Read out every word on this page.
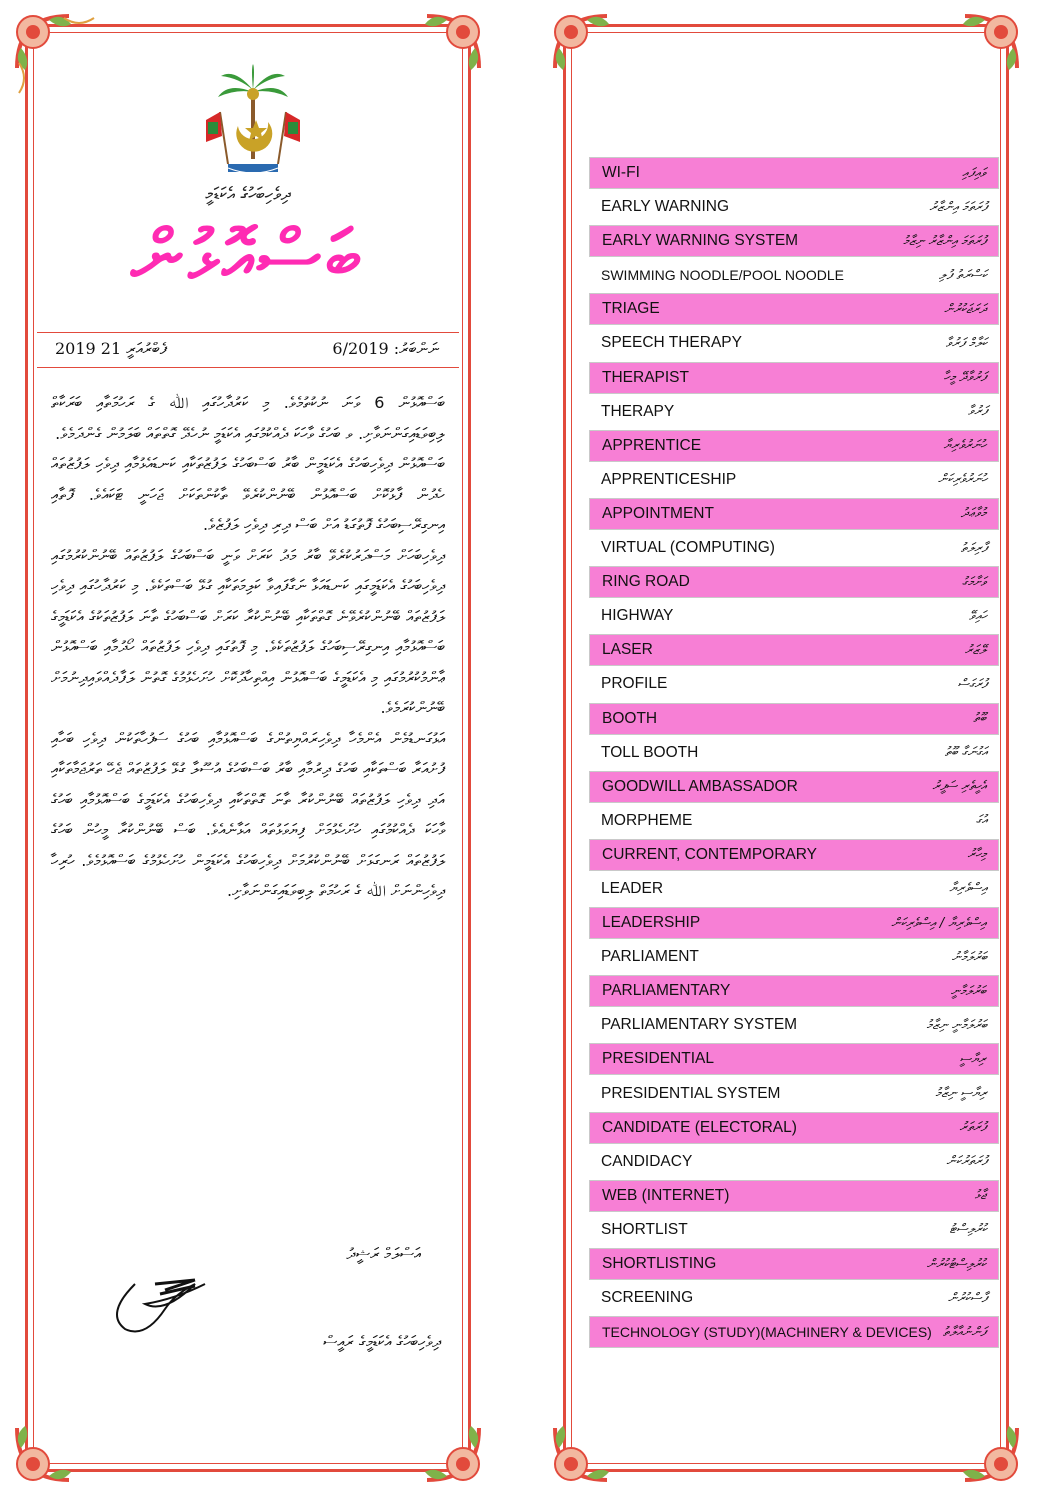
ދިވެހިބަހުގެ އެކަޑަމީ
ބަސްއޮޅުން
2019 21 ފެބްރުއަރީ	ނަންބަރު: 6/2019

ބަސްއޮޅުން 6 ވަނަ ނުކުތުމެވެ. މި ކަރުދާހުގައި ﷲ ގެ ރަހުމަތާއި ބަރަކާތް ލިބިވަޑައިގަންނަވާށި. ވ ބަހުގެ ވާހަކަ ދެއްކުމުގައި އެކަޑަމީ ނުހެދޭ ގޮތްތައް ބަލަމުން ގެންދަމެވެ.

ބަސްއޮޅުން ދިވެހިބަހުގެ އެކަޑަމީން ބާރު ބަސްބަހުގެ ލަފުޒުތަކާއި ކަނޑައެޅުމާއި ދިވެހި ލަފުޒުތައް ހެދުން ފާޅުކޮށް ބަސްއޮޅުން ބޭނުންކުރެވޭ ތާކުންތަކަށް ޖަހަނީ ޓަކައެވެ. ފޮތާއި އިނގިރޭސިބަހުގެ ފޮތުގަޑު އަށް ބަސް ދިރި ދިވެހި ލަފުޒެވެ.

ދިވެހިބަހަށް މަސްދަރުކުރެވޭ ބާރު މަދު ކަރަށް ވަނީ ބަސްބަހުގެ ލަފުޒުތައް ބޭނުންކުރުމުގައި ދިވެހިބަހުގެ އެކަޑަމީގައި ކަނޑައަޅާ ނަގާފައިވާ ކަލިމަތަކާއި ގުޅޭ ބަސްތަކެވެ. މި ކަރުދާހުގައި ދިވެހި ލަފުޒުތައް ބޭނުންކުރެވޭނެ ގޮތްތަކާއި ބޭނުންކުރާ ކަރަށް ބަސްބަހުގެ ތާނަ ލަފުޒުތަކުގެ އެކަޑަމީގެ ބަސްއޮޅުމާއި އިނގިރޭސިބަހުގެ ލަފުޒުތަކެވެ. މި ފޮތުގައި ދިވެހި ލަފުޒުތައް ހޯދުމާއި ބަސްއޮޅުން ޢާންމުކުރުމުގައި މި އެކަޑަމީގެ ބަސްއޮޅުން އިއްތިހާދުކޮށް ހުށަހެޅުމުގެ ގޮތުން ލަފާދެއްވައިދިނުމަށް ބޭނުންކުރަމެވެ.

އަޅުގަނޑުމެން އެންމެހާ ދިވެހިރައްޔިތުންގެ ބަސްއޮޅުމާއި ބަހުގެ ސަފުހާތަކުން ދިވެހި ބަހާއި ފުށުއަރާ ބަސްތަކާއި ބަހުގެ ދިރުމާއި ބާރު ބަސްބަހުގެ އުސޫލާ ގުޅޭ ލަފުޒުތައް ޖެހޭ ތަރުޖަމާތަކާއި އަދި ދިވެހި ލަފުޒުތައް ބޭނުންކުރާ ތާނަ ގޮތްތަކާއި ދިވެހިބަހުގެ އެކަޑަމީގެ ބަސްއޮޅުމާއި ބަހުގެ ވާހަކަ ދެއްކުމުގައި ހުށަހެޅުމަށް ފިޔަވަޅުތައް އަޅާނެއެވެ. ބަސް ބޭނުންކުރާ މީހުން ބަހުގެ ލަފުޒުތައް ރަނގަޅަށް ބޭނުންކުރުމަށް ދިވެހިބަހުގެ އެކަޑަމީން ހުށަހެޅުމުގެ ބަސްއޮޅުމެވެ. ހުރިހާ ދިވެހިންނަށް ﷲ ގެ ރަހުމަތް ލިބިވަޑައިގަންނަވާށި.

އަސްލަމް ރަޝީދު
ދިވެހިބަހުގެ އެކަޑަމީގެ ރައީސް
WI-FI	ވައިފައި
EARLY WARNING	ފުރަތަމަ އިންޒާރު
EARLY WARNING SYSTEM	ފުރަތަމަ އިންޒާރު ނިޒާމު
SWIMMING NOODLE/POOL NOODLE	ކަސްރަތު ފުލި
TRIAGE	ދަރަޖަކުރުން
SPEECH THERAPY	ކަލާމް ފަރުވާ
THERAPIST	ފަރުވާދޭ މީހާ
THERAPY	ފަރުވާ
APPRENTICE	ހުނަރުވެރިޔާ
APPRENTICESHIP	ހުނަރުވެރިކަން
APPOINTMENT	މުވާޢަދު
VIRTUAL (COMPUTING)	ފާރިލަތު
RING ROAD	ވަށާމަގު
HIGHWAY	ހައިވޭ
LASER	ލޭޒަރު
PROFILE	ފުރަގަސް
BOOTH	ބޫތު
TOLL BOOTH	އަގުނަގާ ބޫތު
GOODWILL AMBASSADOR	އެހީތެރި ސަފީރު
MORPHEME	އުގަ
CURRENT, CONTEMPORARY	މިހާރު
LEADER	އިސްވެރިޔާ
LEADERSHIP	އިސްވެރިޔާ / އިސްވެރިކަން
PARLIAMENT	ބަރުލަމާނު
PARLIAMENTARY	ބަރުލަމާނީ
PARLIAMENTARY SYSTEM	ބަރުލަމާނީ ނިޒާމު
PRESIDENTIAL	ރިޔާސީ
PRESIDENTIAL SYSTEM	ރިޔާސީ ނިޒާމު
CANDIDATE (ELECTORAL)	ފުރަތަރު
CANDIDACY	ފުރަތަރުކަން
WEB (INTERNET)	ޖާޅު
SHORTLIST	ކުރުލިސްޓު
SHORTLISTING	ކުރުލިސްޓުކުރުން
SCREENING	ފާސްކުރުން
TECHNOLOGY (STUDY)(MACHINERY & DEVICES) ފަންނުއާލާތު
